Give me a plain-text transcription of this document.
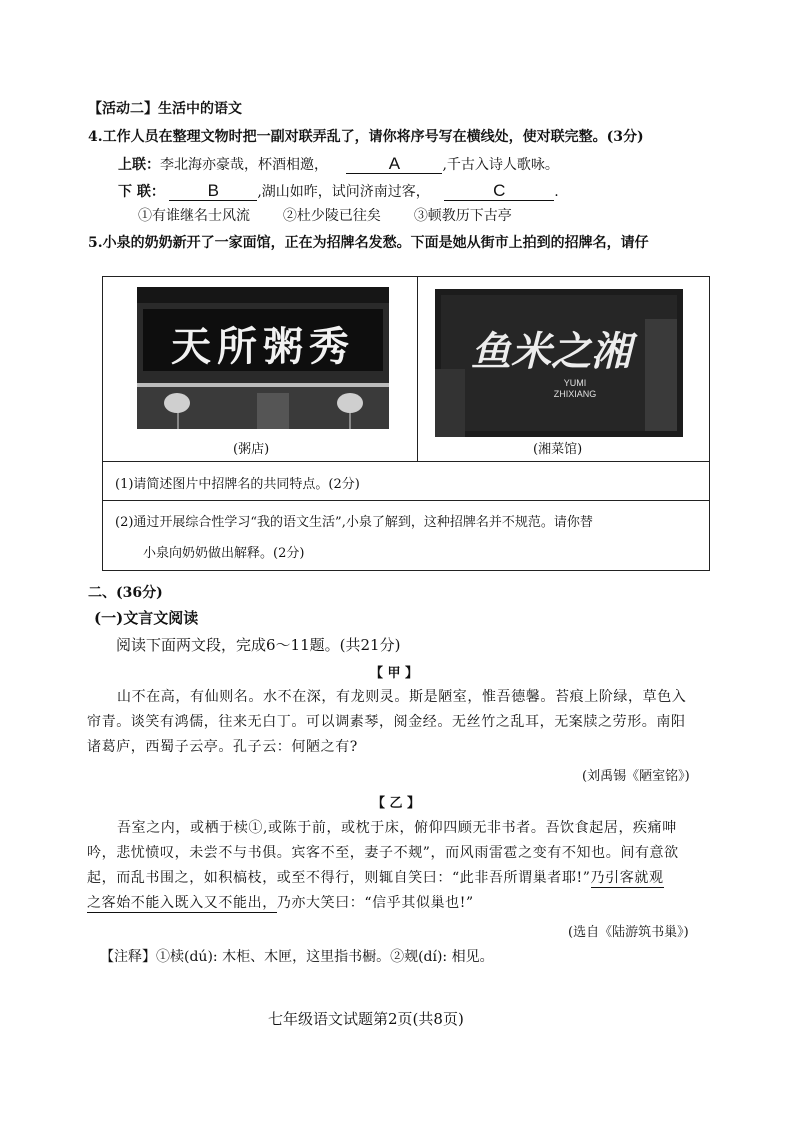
【活动二】生活中的语文
4.工作人员在整理文物时把一副对联弄乱了，请你将序号写在横线处，使对联完整。(3分)
上联：李北海亦豪哉，杯酒相邀，	A	,千古入诗人歌咏。
下 联：	B	,湖山如昨，试问济南过客，	C	.
①有谁继名士风流 ②杜少陵已往矣 ③顿教历下古亭
5.小泉的奶奶新开了一家面馆，正在为招牌名发愁。下面是她从街市上拍到的招牌名，请仔
天所粥秀
(粥店)
鱼米之湘
YUMI
ZHIXIANG
(湘菜馆)
(1)请简述图片中招牌名的共同特点。(2分)
(2)通过开展综合性学习“我的语文生活”,小泉了解到，这种招牌名并不规范。请你替
小泉向奶奶做出解释。(2分)
二、(36分)
(一)文言文阅读
阅读下面两文段，完成6～11题。(共21分)
【 甲 】
山不在高，有仙则名。水不在深，有龙则灵。斯是陋室，惟吾德馨。苔痕上阶绿，草色入
帘青。谈笑有鸿儒，往来无白丁。可以调素琴，阅金经。无丝竹之乱耳，无案牍之劳形。南阳
诸葛庐，西蜀子云亭。孔子云：何陋之有?
(刘禹锡《陋室铭》)
【 乙 】
吾室之内，或栖于椟①,或陈于前，或枕于床，俯仰四顾无非书者。吾饮食起居，疾痛呻
吟，悲忧愤叹，未尝不与书俱。宾客不至，妻子不觌”，而风雨雷雹之变有不知也。间有意欲
起，而乱书围之，如积槁枝，或至不得行，则辄自笑曰：“此非吾所谓巢者耶!”乃引客就观
之客始不能入既入又不能出，乃亦大笑曰：“信乎其似巢也!”
(选自《陆游筑书巢》)
【注释】①椟(dú): 木柜、木匣，这里指书橱。②觌(dí): 相见。
七年级语文试题第2页(共8页)
